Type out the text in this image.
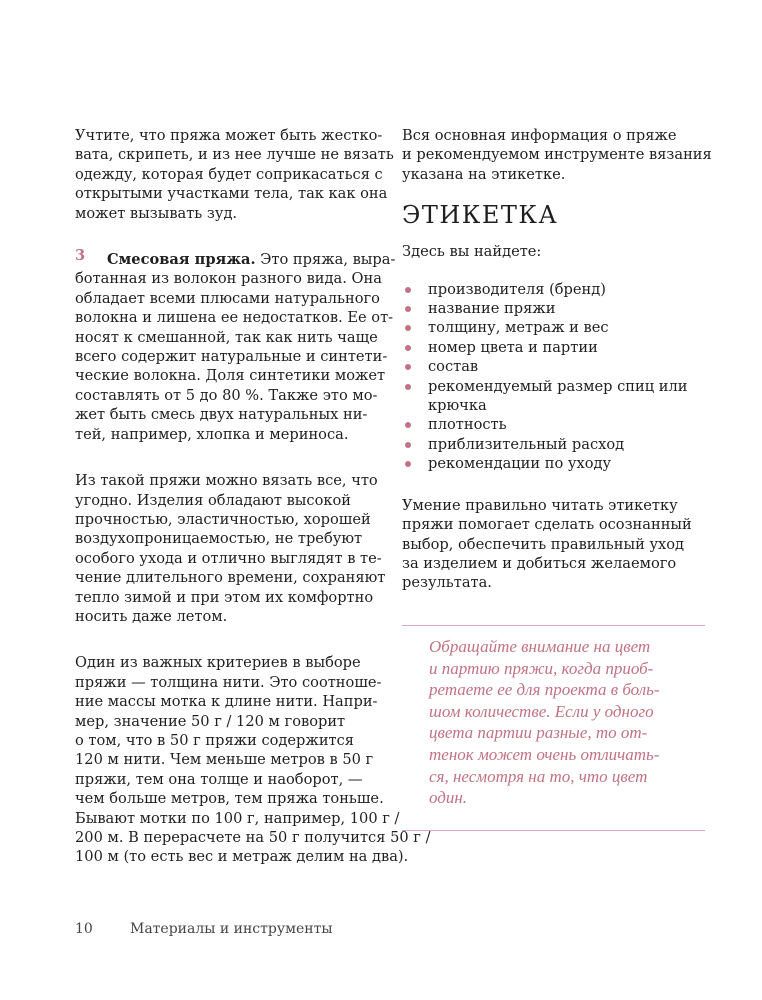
Учтите, что пряжа может быть жестко-
вата, скрипеть, и из нее лучше не вязать
одежду, которая будет соприкасаться с
открытыми участками тела, так как она
может вызывать зуд.
3	Смесовая пряжа. Это пряжа, выра-
ботанная из волокон разного вида. Она
обладает всеми плюсами натурального
волокна и лишена ее недостатков. Ее от-
носят к смешанной, так как нить чаще
всего содержит натуральные и синтети-
ческие волокна. Доля синтетики может
составлять от 5 до 80 %. Также это мо-
жет быть смесь двух натуральных ни-
тей, например, хлопка и мериноса.
Из такой пряжи можно вязать все, что
угодно. Изделия обладают высокой
прочностью, эластичностью, хорошей
воздухопроницаемостью, не требуют
особого ухода и отлично выглядят в те-
чение длительного времени, сохраняют
тепло зимой и при этом их комфортно
носить даже летом.
Один из важных критериев в выборе
пряжи — толщина нити. Это соотноше-
ние массы мотка к длине нити. Напри-
мер, значение 50 г / 120 м говорит
о том, что в 50 г пряжи содержится
120 м нити. Чем меньше метров в 50 г
пряжи, тем она толще и наоборот, —
чем больше метров, тем пряжа тоньше.
Бывают мотки по 100 г, например, 100 г /
200 м. В перерасчете на 50 г получится 50 г /
100 м (то есть вес и метраж делим на два).
Вся основная информация о пряже
и рекомендуемом инструменте вязания
указана на этикетке.
ЭТИКЕТКА
Здесь вы найдете:
производителя (бренд)
название пряжи
толщину, метраж и вес
номер цвета и партии
состав
рекомендуемый размер спиц или
крючка
плотность
приблизительный расход
рекомендации по уходу
Умение правильно читать этикетку
пряжи помогает сделать осознанный
выбор, обеспечить правильный уход
за изделием и добиться желаемого
результата.
Обращайте внимание на цвет
и партию пряжи, когда приоб-
ретаете ее для проекта в боль-
шом количестве. Если у одного
цвета партии разные, то от-
тенок может очень отличать-
ся, несмотря на то, что цвет
один.
10	Материалы и инструменты
